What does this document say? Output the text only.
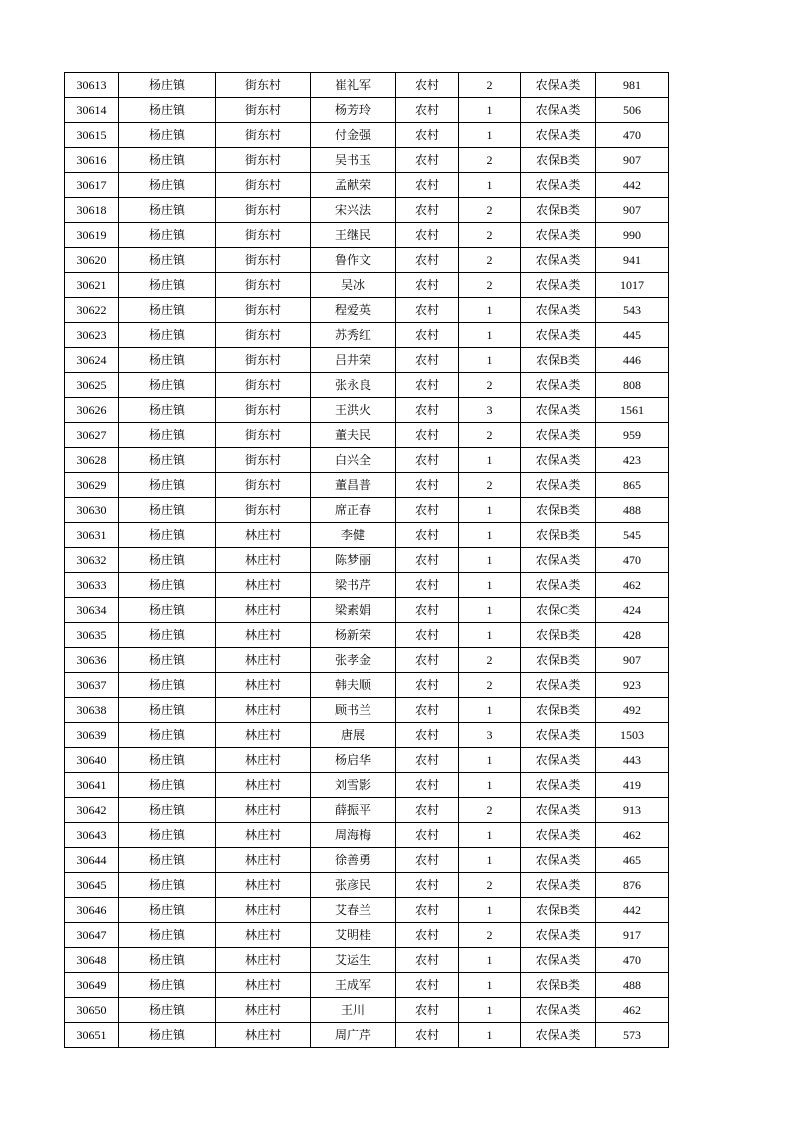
30613	杨庄镇	街东村	崔礼军	农村	2	农保A类	981
30614	杨庄镇	街东村	杨芳玲	农村	1	农保A类	506
30615	杨庄镇	街东村	付金强	农村	1	农保A类	470
30616	杨庄镇	街东村	吴书玉	农村	2	农保B类	907
30617	杨庄镇	街东村	孟献荣	农村	1	农保A类	442
30618	杨庄镇	街东村	宋兴法	农村	2	农保B类	907
30619	杨庄镇	街东村	王继民	农村	2	农保A类	990
30620	杨庄镇	街东村	鲁作文	农村	2	农保A类	941
30621	杨庄镇	街东村	吴冰	农村	2	农保A类	1017
30622	杨庄镇	街东村	程爱英	农村	1	农保A类	543
30623	杨庄镇	街东村	苏秀红	农村	1	农保A类	445
30624	杨庄镇	街东村	吕井荣	农村	1	农保B类	446
30625	杨庄镇	街东村	张永良	农村	2	农保A类	808
30626	杨庄镇	街东村	王洪火	农村	3	农保A类	1561
30627	杨庄镇	街东村	董夫民	农村	2	农保A类	959
30628	杨庄镇	街东村	白兴全	农村	1	农保A类	423
30629	杨庄镇	街东村	董昌普	农村	2	农保A类	865
30630	杨庄镇	街东村	席正春	农村	1	农保B类	488
30631	杨庄镇	林庄村	李健	农村	1	农保B类	545
30632	杨庄镇	林庄村	陈梦丽	农村	1	农保A类	470
30633	杨庄镇	林庄村	梁书芹	农村	1	农保A类	462
30634	杨庄镇	林庄村	梁素娟	农村	1	农保C类	424
30635	杨庄镇	林庄村	杨新荣	农村	1	农保B类	428
30636	杨庄镇	林庄村	张孝金	农村	2	农保B类	907
30637	杨庄镇	林庄村	韩夫顺	农村	2	农保A类	923
30638	杨庄镇	林庄村	顾书兰	农村	1	农保B类	492
30639	杨庄镇	林庄村	唐展	农村	3	农保A类	1503
30640	杨庄镇	林庄村	杨启华	农村	1	农保A类	443
30641	杨庄镇	林庄村	刘雪影	农村	1	农保A类	419
30642	杨庄镇	林庄村	薛振平	农村	2	农保A类	913
30643	杨庄镇	林庄村	周海梅	农村	1	农保A类	462
30644	杨庄镇	林庄村	徐善勇	农村	1	农保A类	465
30645	杨庄镇	林庄村	张彦民	农村	2	农保A类	876
30646	杨庄镇	林庄村	艾春兰	农村	1	农保B类	442
30647	杨庄镇	林庄村	艾明桂	农村	2	农保A类	917
30648	杨庄镇	林庄村	艾运生	农村	1	农保A类	470
30649	杨庄镇	林庄村	王成军	农村	1	农保B类	488
30650	杨庄镇	林庄村	王川	农村	1	农保A类	462
30651	杨庄镇	林庄村	周广芹	农村	1	农保A类	573
